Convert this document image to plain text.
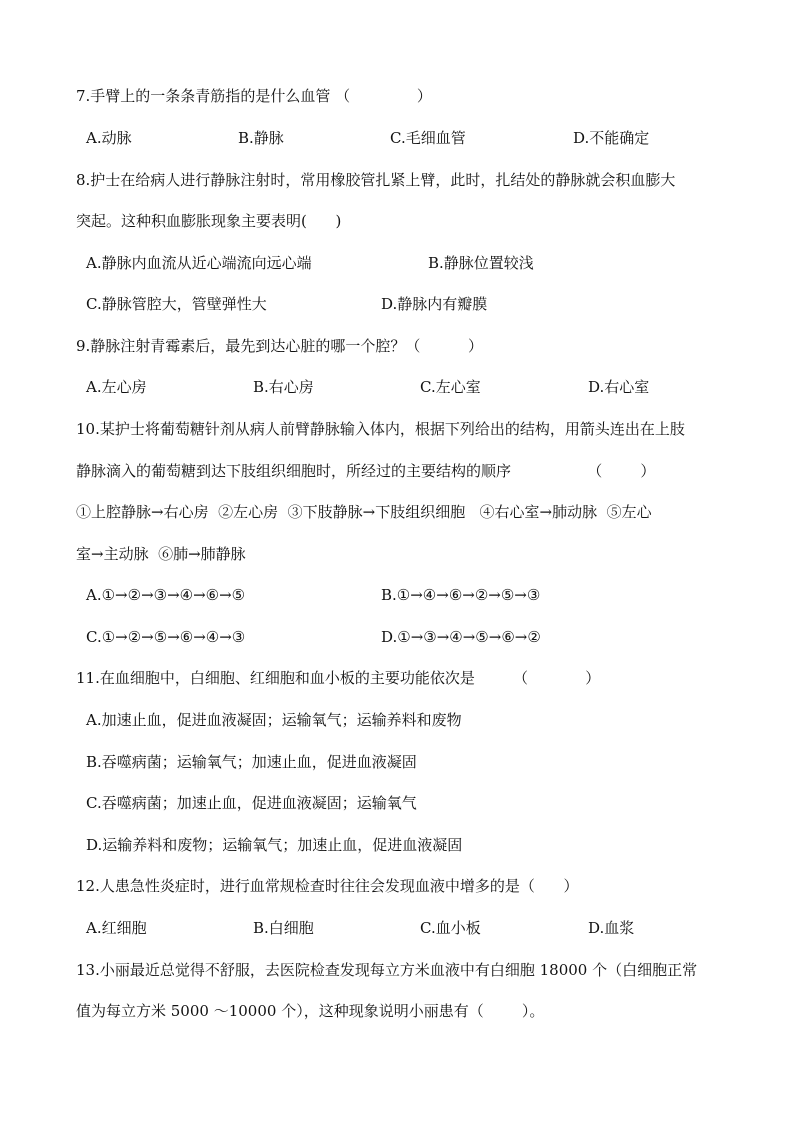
7.手臂上的一条条青筋指的是什么血管 （              ）
A.动脉	B.静脉	C.毛细血管	D.不能确定
8.护士在给病人进行静脉注射时，常用橡胶管扎紧上臂，此时，扎结处的静脉就会积血膨大
突起。这种积血膨胀现象主要表明(      )
A.静脉内血流从近心端流向远心端	B.静脉位置较浅
C.静脉管腔大，管壁弹性大	D.静脉内有瓣膜
9.静脉注射青霉素后，最先到达心脏的哪一个腔？（          ）
A.左心房	B.右心房	C.左心室	D.右心室
10.某护士将葡萄糖针剂从病人前臂静脉输入体内，根据下列给出的结构，用箭头连出在上肢
静脉滴入的葡萄糖到达下肢组织细胞时，所经过的主要结构的顺序                （        ）
①上腔静脉→右心房  ②左心房  ③下肢静脉→下肢组织细胞   ④右心室→肺动脉  ⑤左心
室→主动脉  ⑥肺→肺静脉
A.①→②→③→④→⑥→⑤	B.①→④→⑥→②→⑤→③
C.①→②→⑤→⑥→④→③	D.①→③→④→⑤→⑥→②
11.在血细胞中，白细胞、红细胞和血小板的主要功能依次是        （            ）
A.加速止血，促进血液凝固；运输氧气；运输养料和废物
B.吞噬病菌；运输氧气；加速止血，促进血液凝固
C.吞噬病菌；加速止血，促进血液凝固；运输氧气
D.运输养料和废物；运输氧气；加速止血，促进血液凝固
12.人患急性炎症时，进行血常规检查时往往会发现血液中增多的是（      ）
A.红细胞	B.白细胞	C.血小板	D.血浆
13.小丽最近总觉得不舒服，去医院检查发现每立方米血液中有白细胞 18000 个（白细胞正常
值为每立方米 5000 ～10000 个），这种现象说明小丽患有（        ）。
